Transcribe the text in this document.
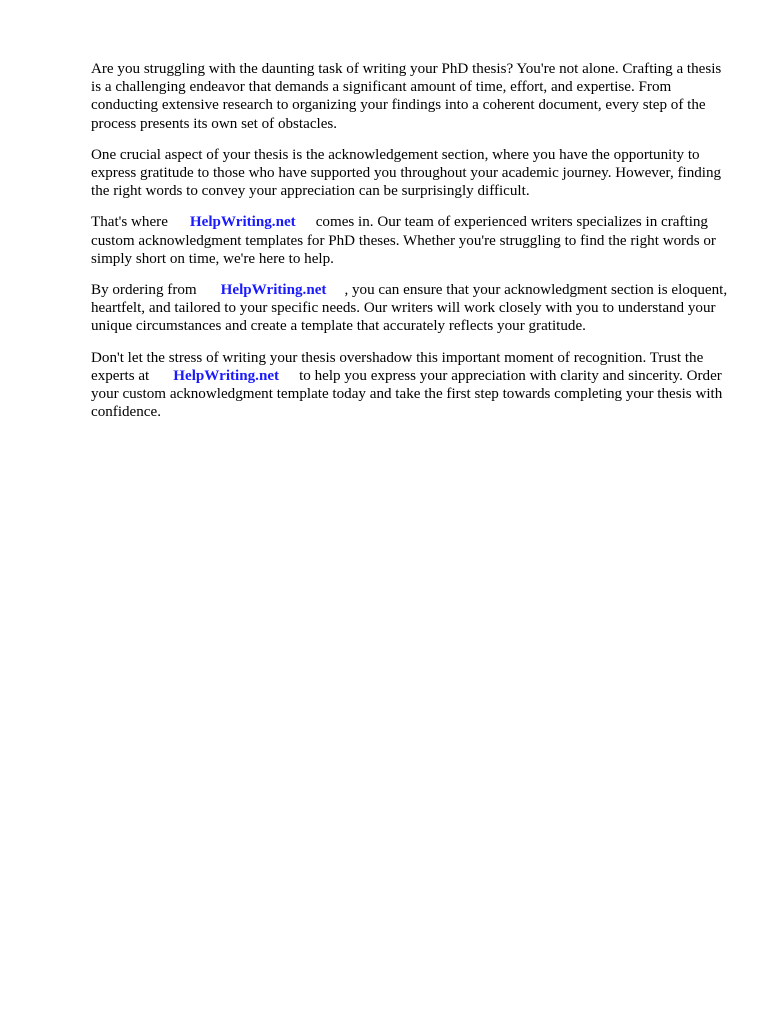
Are you struggling with the daunting task of writing your PhD thesis? You're not alone. Crafting a thesis is a challenging endeavor that demands a significant amount of time, effort, and expertise. From conducting extensive research to organizing your findings into a coherent document, every step of the process presents its own set of obstacles.

One crucial aspect of your thesis is the acknowledgement section, where you have the opportunity to express gratitude to those who have supported you throughout your academic journey. However, finding the right words to convey your appreciation can be surprisingly difficult.

That's where HelpWriting.net comes in. Our team of experienced writers specializes in crafting custom acknowledgment templates for PhD theses. Whether you're struggling to find the right words or simply short on time, we're here to help.

By ordering from HelpWriting.net , you can ensure that your acknowledgment section is eloquent, heartfelt, and tailored to your specific needs. Our writers will work closely with you to understand your unique circumstances and create a template that accurately reflects your gratitude.

Don't let the stress of writing your thesis overshadow this important moment of recognition. Trust the experts at HelpWriting.net to help you express your appreciation with clarity and sincerity. Order your custom acknowledgment template today and take the first step towards completing your thesis with confidence.
